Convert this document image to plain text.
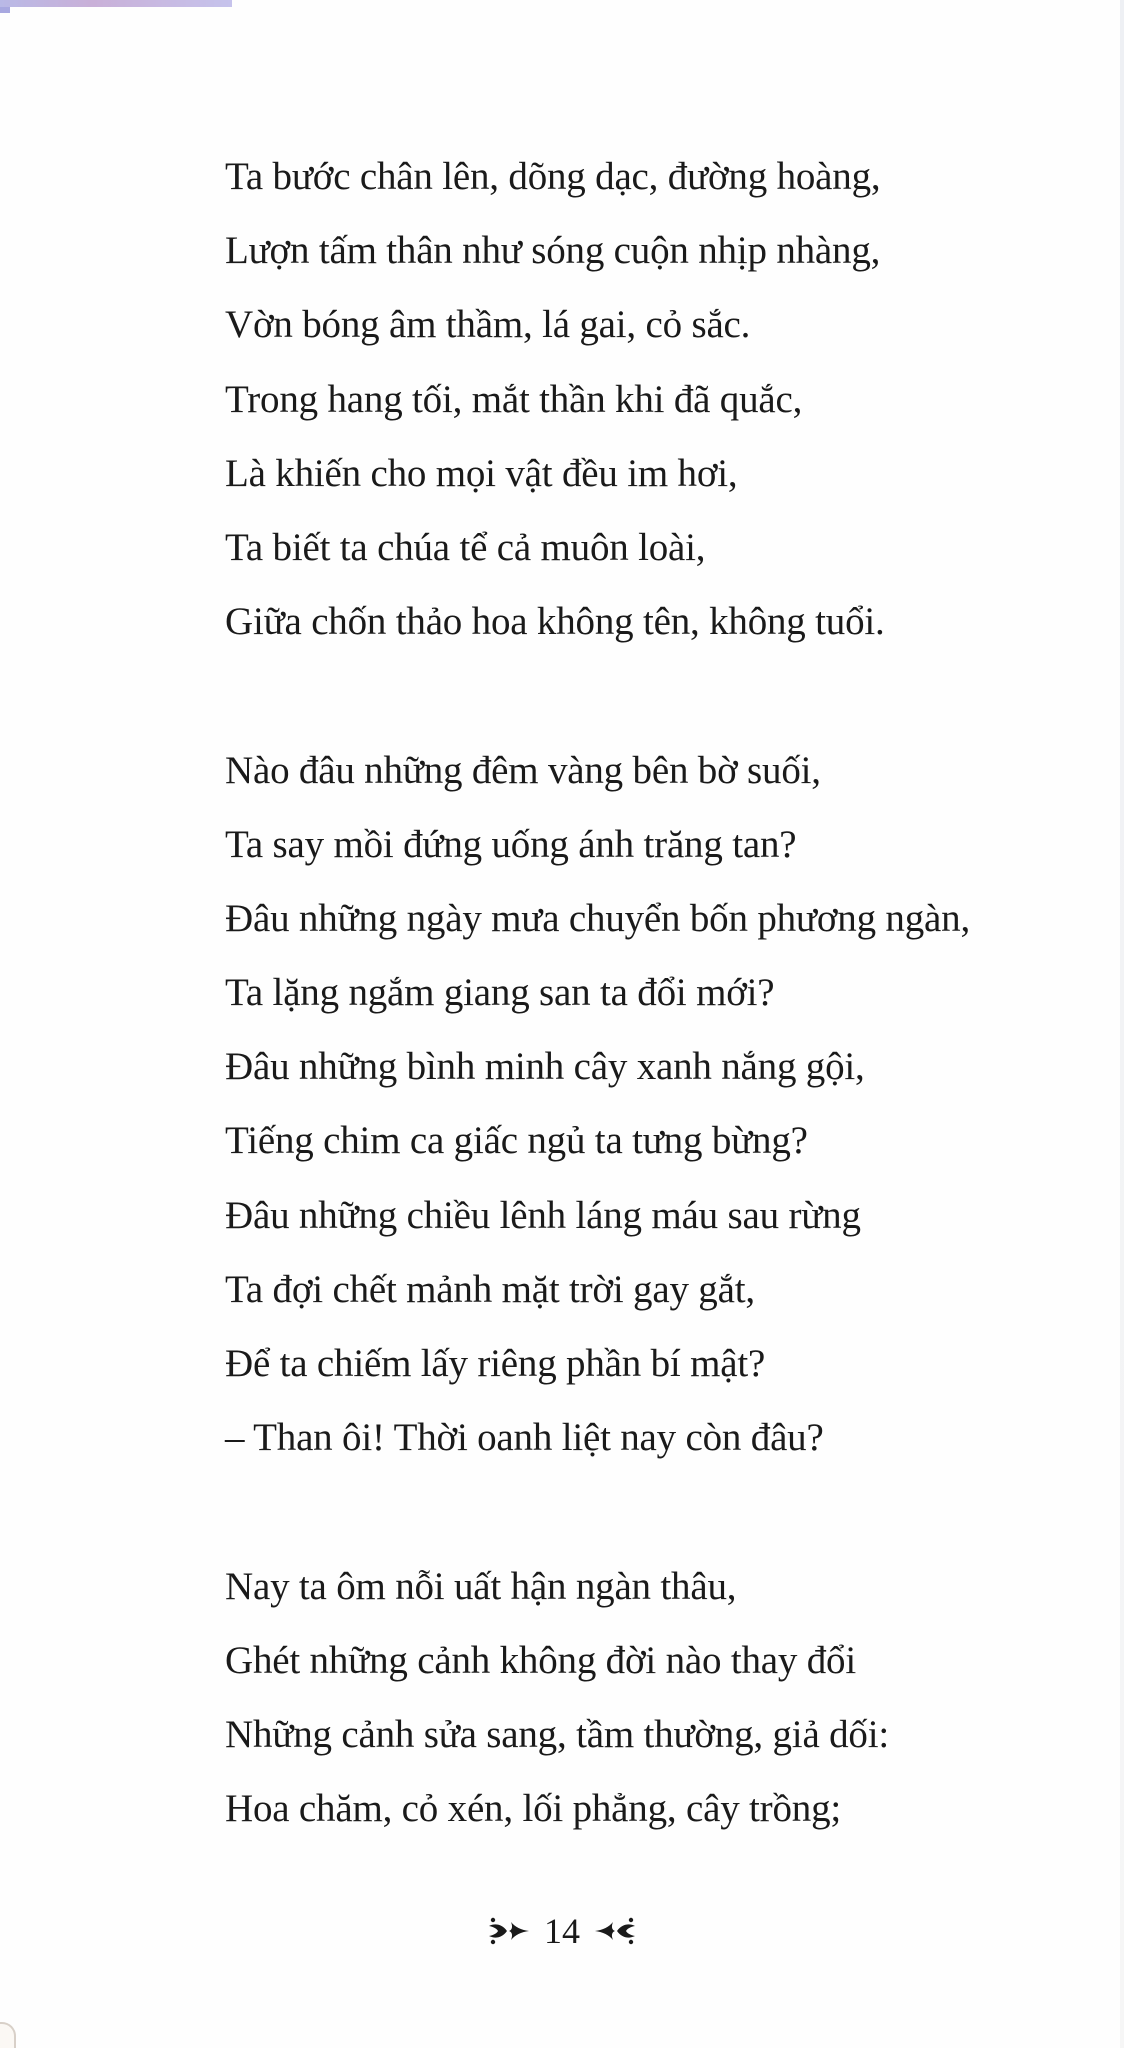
Ta bước chân lên, dõng dạc, đường hoàng,
Lượn tấm thân như sóng cuộn nhịp nhàng,
Vờn bóng âm thầm, lá gai, cỏ sắc.
Trong hang tối, mắt thần khi đã quắc,
Là khiến cho mọi vật đều im hơi,
Ta biết ta chúa tể cả muôn loài,
Giữa chốn thảo hoa không tên, không tuổi.
Nào đâu những đêm vàng bên bờ suối,
Ta say mồi đứng uống ánh trăng tan?
Đâu những ngày mưa chuyển bốn phương ngàn,
Ta lặng ngắm giang san ta đổi mới?
Đâu những bình minh cây xanh nắng gội,
Tiếng chim ca giấc ngủ ta tưng bừng?
Đâu những chiều lênh láng máu sau rừng
Ta đợi chết mảnh mặt trời gay gắt,
Để ta chiếm lấy riêng phần bí mật?
– Than ôi! Thời oanh liệt nay còn đâu?
Nay ta ôm nỗi uất hận ngàn thâu,
Ghét những cảnh không đời nào thay đổi
Những cảnh sửa sang, tầm thường, giả dối:
Hoa chăm, cỏ xén, lối phẳng, cây trồng;
14
